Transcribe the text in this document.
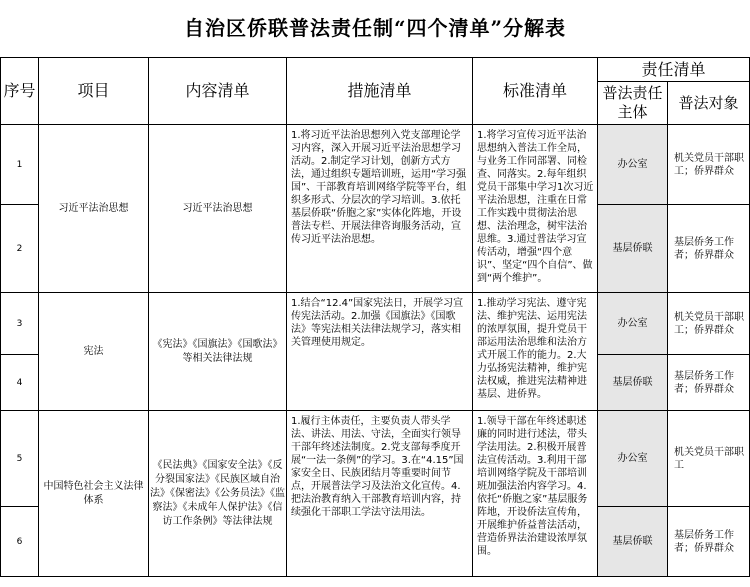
自治区侨联普法责任制“四个清单”分解表
序号	项目	内容清单	措施清单	标准清单	责任清单	
					普法责任主体	普法对象
1	习近平法治思想	习近平法治思想	1.将习近平法治思想列入党支部理论学习内容，深入开展习近平法治思想学习活动。2.制定学习计划，创新方式方法，通过组织专题培训班，运用“学习强国”、干部教育培训网络学院等平台，组织多形式、分层次的学习培训。3.依托基层侨联“侨胞之家”实体化阵地，开设普法专栏、开展法律咨询服务活动，宣传习近平法治思想。	1.将学习宣传习近平法治思想纳入普法工作全局，与业务工作同部署、同检查、同落实。2.每年组织党员干部集中学习1次习近平法治思想，注重在日常工作实践中贯彻法治思想、法治理念，树牢法治思维。3.通过普法学习宣传活动，增强“四个意识”、坚定“四个自信”、做到“两个维护”。	办公室	机关党员干部职工；侨界群众
2					基层侨联	基层侨务工作者；侨界群众
3	宪法	《宪法》《国旗法》《国歌法》等相关法律法规	1.结合“12.4”国家宪法日，开展学习宣传宪法活动。2.加强《国旗法》《国歌法》等宪法相关法律法规学习，落实相关管理使用规定。	1.推动学习宪法、遵守宪法、维护宪法、运用宪法的浓厚氛围，提升党员干部运用法治思维和法治方式开展工作的能力。2.大力弘扬宪法精神，维护宪法权威，推进宪法精神进基层、进侨界。	办公室	机关党员干部职工；侨界群众
4					基层侨联	基层侨务工作者；侨界群众
5	中国特色社会主义法律体系	《民法典》《国家安全法》《反分裂国家法》《民族区域自治法》《保密法》《公务员法》《监察法》《未成年人保护法》《信访工作条例》等法律法规	1.履行主体责任，主要负责人带头学法、讲法、用法、守法，全面实行领导干部年终述法制度。2.党支部每季度开展“一法一条例”的学习。3.在“4.15”国家安全日、民族团结月等重要时间节点，开展普法学习及法治文化宣传。4.把法治教育纳入干部教育培训内容，持续强化干部职工学法守法用法。	1.领导干部在年终述职述廉的同时进行述法，带头学法用法。2.积极开展普法宣传活动。3.利用干部培训网络学院及干部培训班加强法治内容学习。4.依托“侨胞之家”基层服务阵地，开设侨法宣传角，开展维护侨益普法活动，营造侨界法治建设浓厚氛围。	办公室	机关党员干部职工
6					基层侨联	基层侨务工作者；侨界群众
